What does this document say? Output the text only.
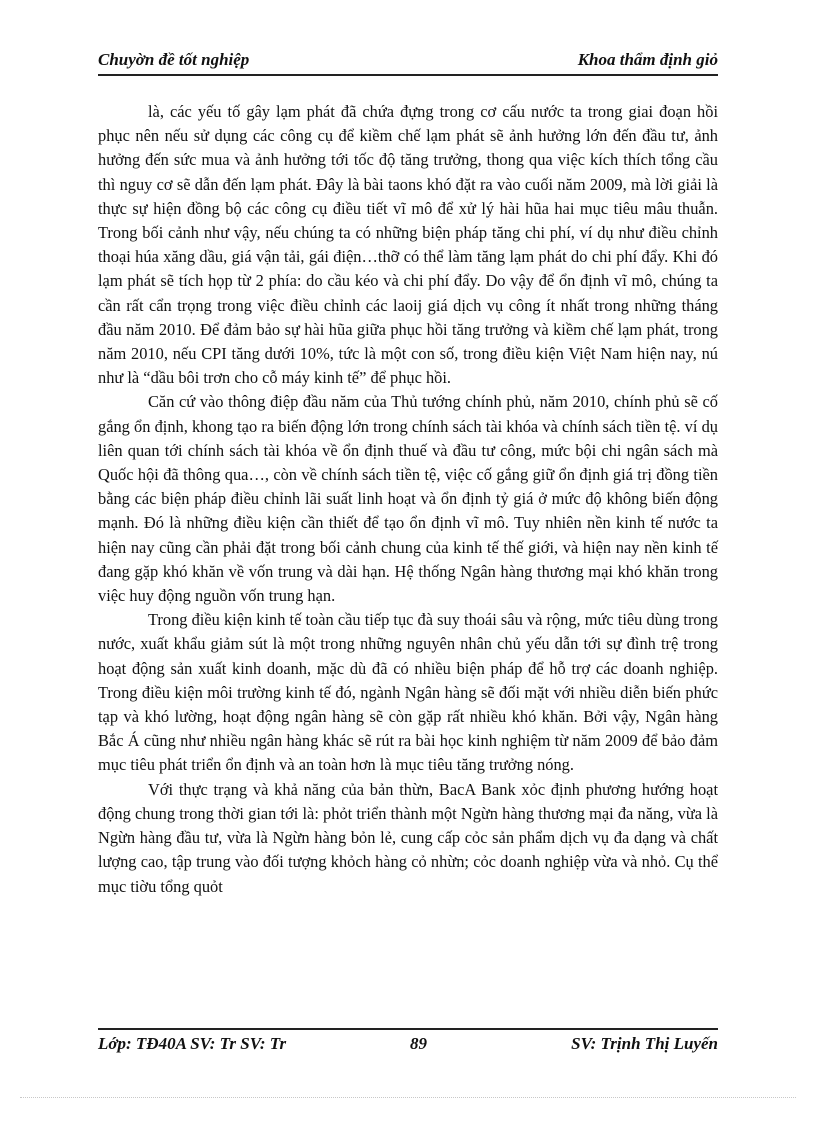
Chuyờn đề tốt nghiệp	Khoa thẩm định giỏ

là, các yếu tố gây lạm phát đã chứa đựng trong cơ cấu nước ta trong giai đoạn hồi phục nên nếu sử dụng các công cụ để kiềm chế lạm phát sẽ ảnh hưởng lớn đến đầu tư, ảnh hưởng đến sức mua và ảnh hưởng tới tốc độ tăng trưởng, thong qua việc kích thích tổng cầu thì nguy cơ sẽ dẫn đến lạm phát. Đây là bài taons khó đặt ra vào cuối năm 2009, mà lời giải là thực sự hiện đồng bộ các công cụ điều tiết vĩ mô để xử lý hài hũa hai mục tiêu mâu thuẫn. Trong bối cảnh như vậy, nếu chúng ta có những biện pháp tăng chi phí, ví dụ như điều chỉnh thoại húa xăng dầu, giá vận tải, gái điện…thỡ có thể làm tăng lạm phát do chi phí đẩy. Khi đó lạm phát sẽ tích họp từ 2 phía: do cầu kéo và chi phí đẩy. Do vậy để ổn định vĩ mô, chúng ta cần rất cẩn trọng trong việc điều chỉnh các laoij giá dịch vụ công ít nhất trong những tháng đầu năm 2010. Để đảm bảo sự hài hũa giữa phục hồi tăng trưởng và kiềm chế lạm phát, trong năm 2010, nếu CPI tăng dưới 10%, tức là một con số, trong điều kiện Việt Nam hiện nay, nú như là “dầu bôi trơn cho cỗ máy kinh tế” để phục hồi.

Căn cứ vào thông điệp đầu năm của Thủ tướng chính phủ, năm 2010, chính phủ sẽ cố gắng ổn định, khong tạo ra biến động lớn trong chính sách tài khóa và chính sách tiền tệ. ví dụ liên quan tới chính sách tài khóa về ổn định thuế và đầu tư công, mức bội chi ngân sách mà Quốc hội đã thông qua…, còn về chính sách tiền tệ, việc cố gắng giữ ổn định giá trị đồng tiền bằng các biện pháp điều chỉnh lãi suất linh hoạt và ổn định tỷ giá ở mức độ không biến động mạnh. Đó là những điều kiện cần thiết để tạo ổn định vĩ mô. Tuy nhiên nền kinh tế nước ta hiện nay cũng cần phải đặt trong bối cảnh chung của kinh tế thế giới, và hiện nay nền kinh tế đang gặp khó khăn về vốn trung và dài hạn. Hệ thống Ngân hàng thương mại khó khăn trong việc huy động nguồn vốn trung hạn.

Trong điều kiện kinh tế toàn cầu tiếp tục đà suy thoái sâu và rộng, mức tiêu dùng trong nước, xuất khẩu giảm sút là một trong những nguyên nhân chủ yếu dẫn tới sự đình trệ trong hoạt động sản xuất kinh doanh, mặc dù đã có nhiều biện pháp để hỗ trợ các doanh nghiệp. Trong điều kiện môi trường kinh tế đó, ngành Ngân hàng sẽ đối mặt với nhiều diễn biến phức tạp và khó lường, hoạt động ngân hàng sẽ còn gặp rất nhiều khó khăn. Bởi vậy, Ngân hàng Bắc Á cũng như nhiều ngân hàng khác sẽ rút ra bài học kinh nghiệm từ năm 2009 để bảo đảm mục tiêu phát triển ổn định và an toàn hơn là mục tiêu tăng trưởng nóng.

Với thực trạng và khả năng của bản thừn, BacA Bank xỏc định phương hướng hoạt động chung trong thời gian tới là: phỏt triển thành một Ngừn hàng thương mại đa năng, vừa là Ngừn hàng đầu tư, vừa là Ngừn hàng bỏn lẻ, cung cấp cỏc sản phẩm dịch vụ đa dạng và chất lượng cao, tập trung vào đối tượng khỏch hàng cỏ nhừn; cỏc doanh nghiệp vừa và nhỏ. Cụ thể mục tiờu tổng quỏt

Lớp: TĐ40A SV: Tr SV: Tr	89	SV: Trịnh Thị Luyến
